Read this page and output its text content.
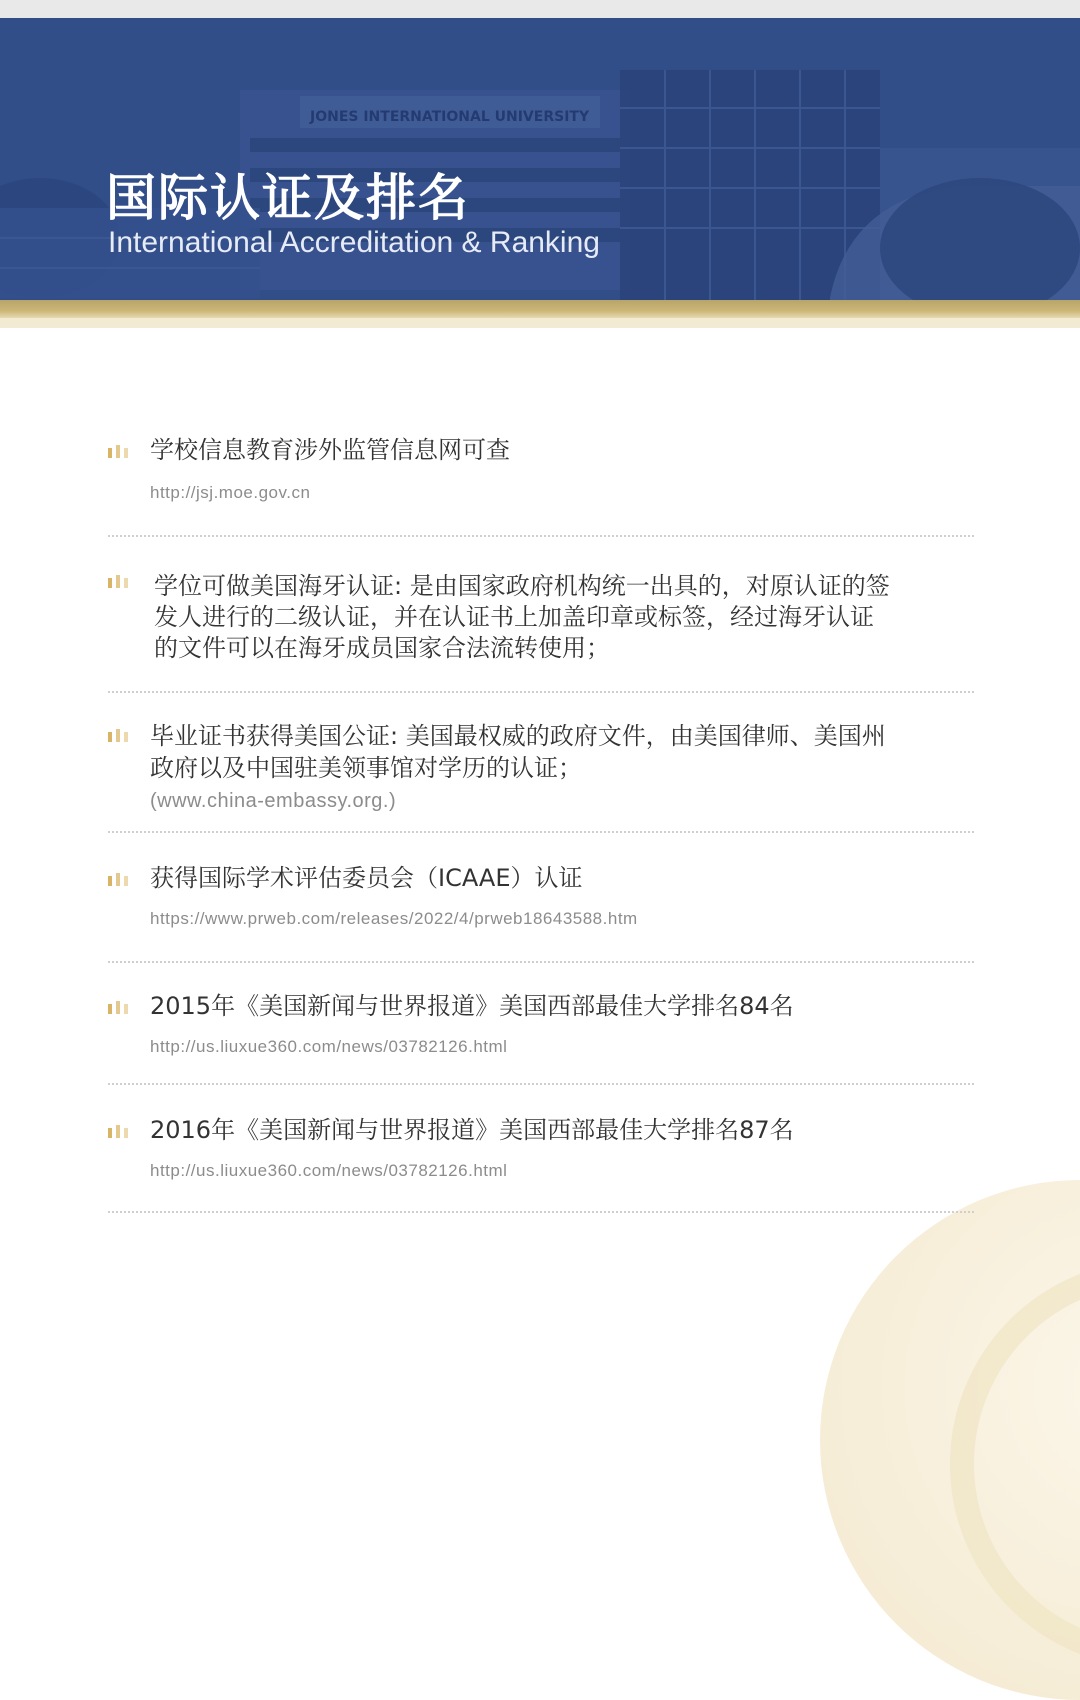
JONES INTERNATIONAL UNIVERSITY
国际认证及排名
International Accreditation & Ranking
学校信息教育涉外监管信息网可查
http://jsj.moe.gov.cn
学位可做美国海牙认证: 是由国家政府机构统一出具的，对原认证的签
发人进行的二级认证，并在认证书上加盖印章或标签，经过海牙认证
的文件可以在海牙成员国家合法流转使用；
毕业证书获得美国公证: 美国最权威的政府文件，由美国律师、美国州
政府以及中国驻美领事馆对学历的认证；
(www.china-embassy.org.)
获得国际学术评估委员会（ICAAE）认证
https://www.prweb.com/releases/2022/4/prweb18643588.htm
2015年《美国新闻与世界报道》美国西部最佳大学排名84名
http://us.liuxue360.com/news/03782126.html
2016年《美国新闻与世界报道》美国西部最佳大学排名87名
http://us.liuxue360.com/news/03782126.html
